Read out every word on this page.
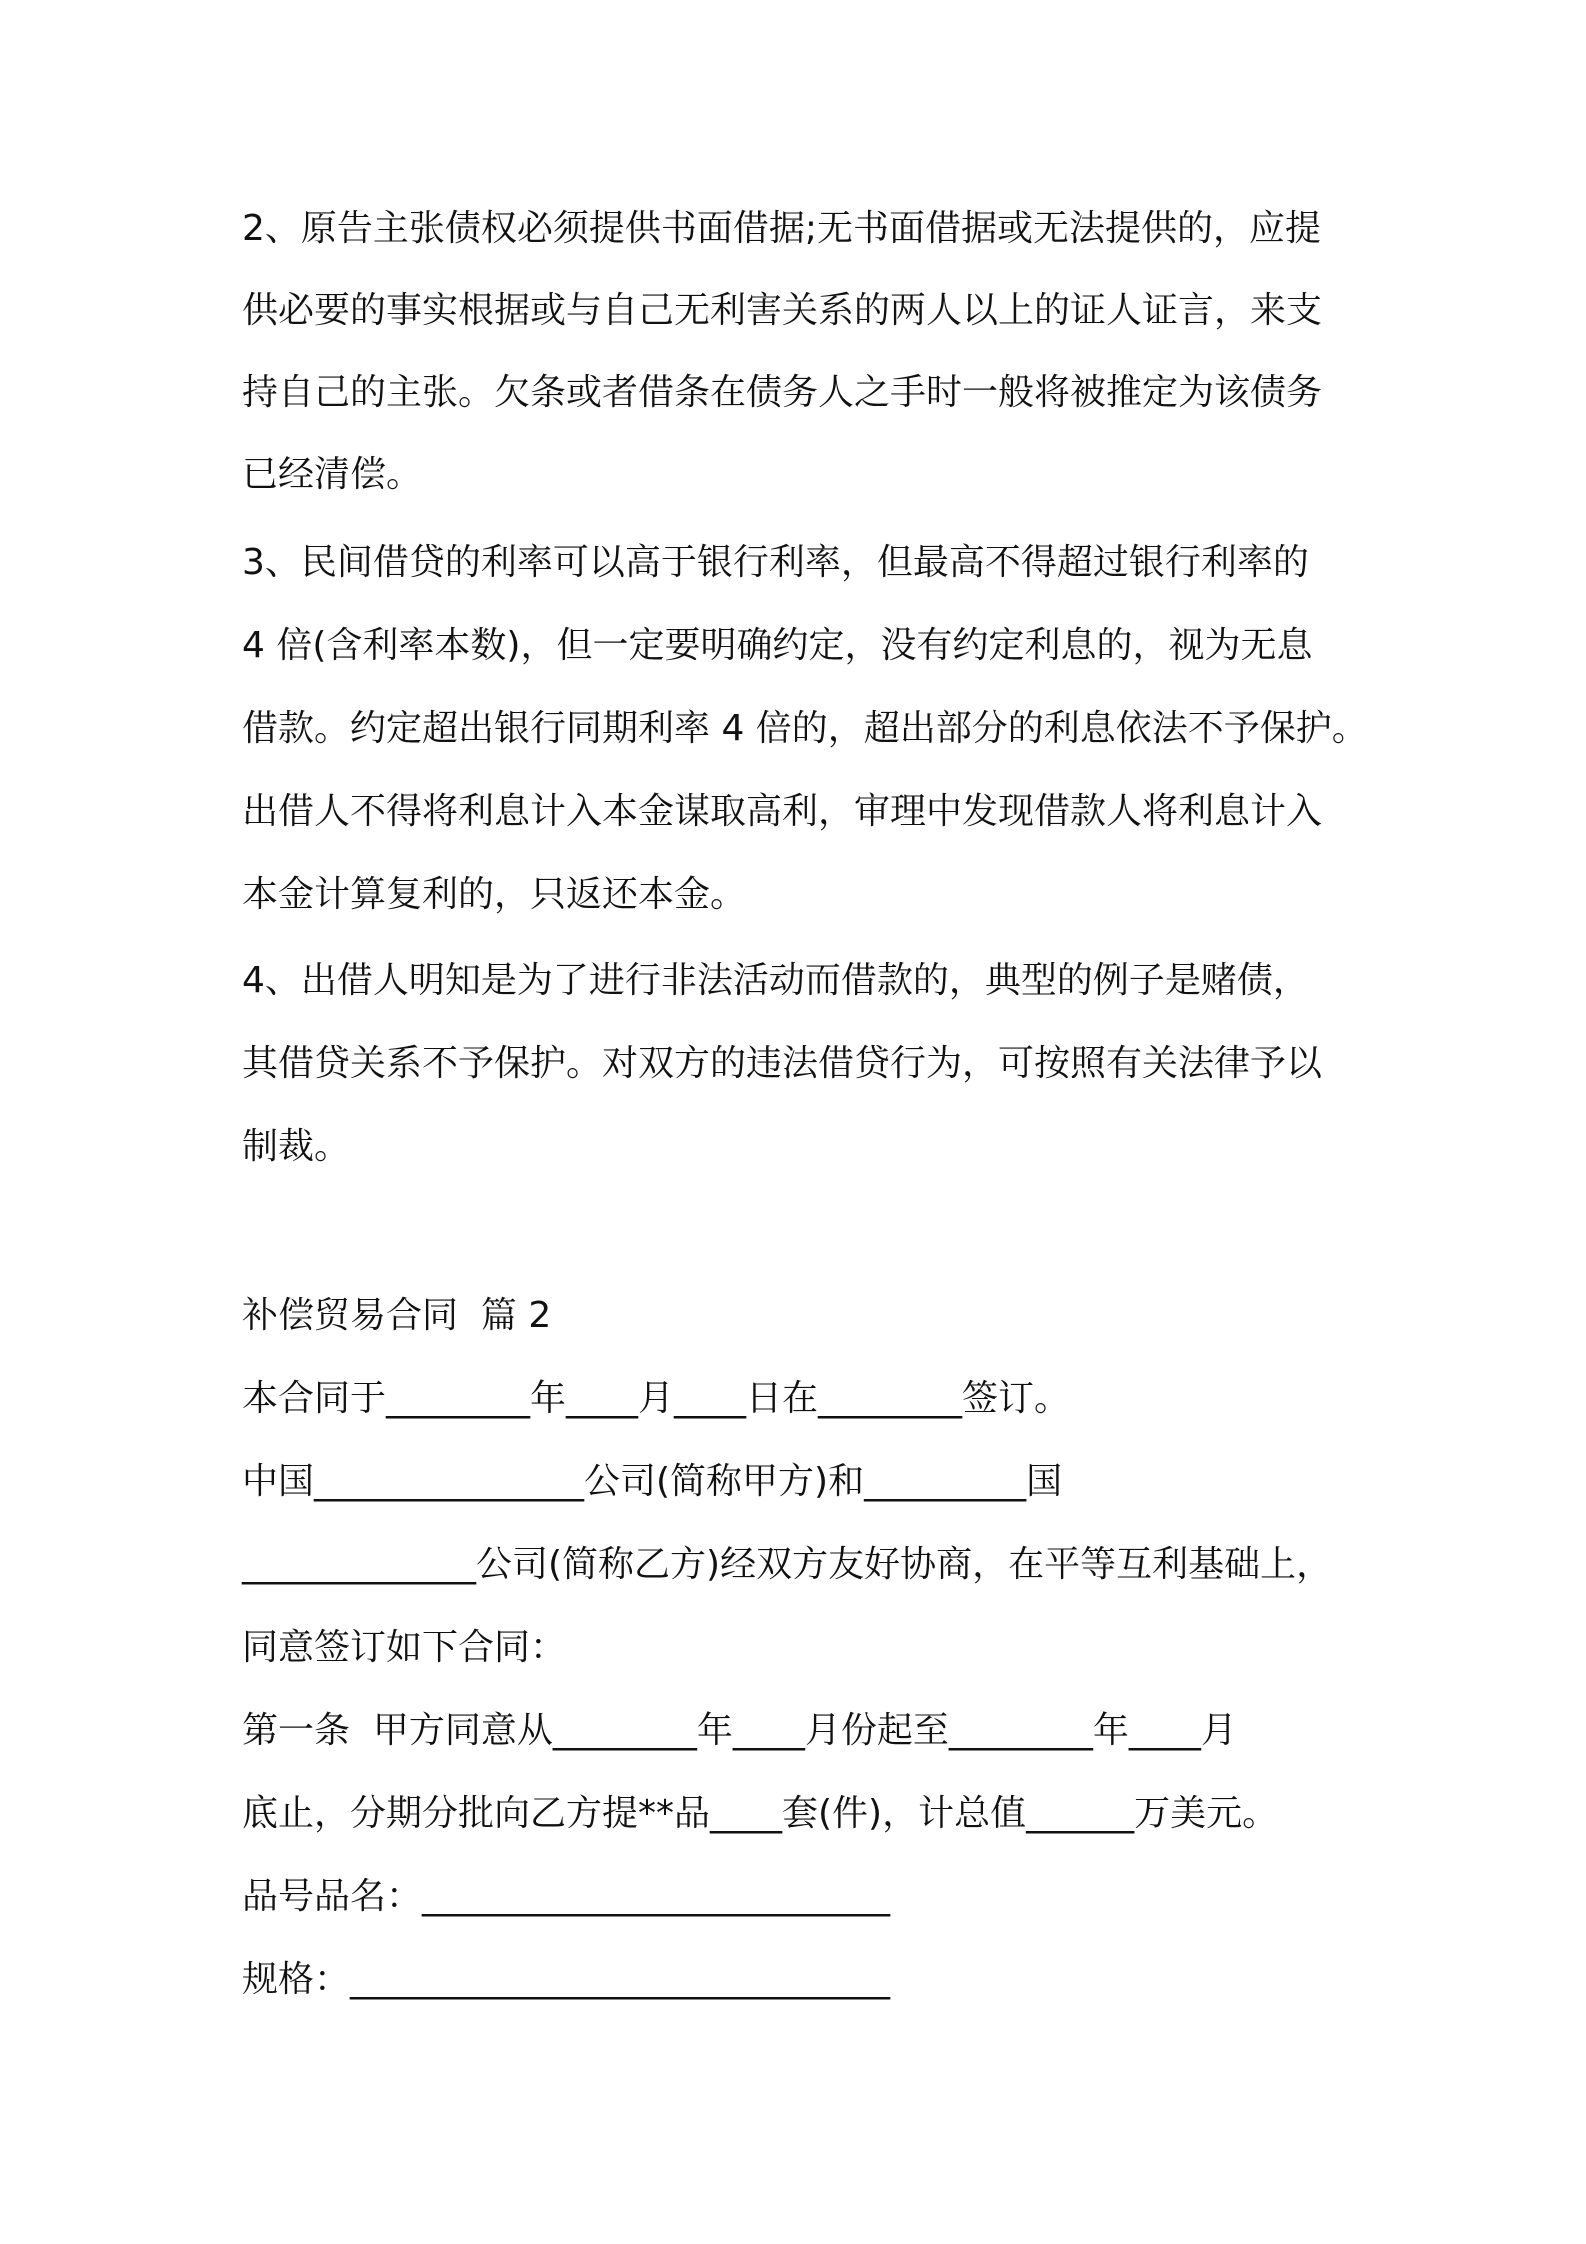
2、原告主张债权必须提供书面借据;无书面借据或无法提供的，应提

供必要的事实根据或与自己无利害关系的两人以上的证人证言，来支

持自己的主张。欠条或者借条在债务人之手时一般将被推定为该债务

已经清偿。

3、民间借贷的利率可以高于银行利率，但最高不得超过银行利率的

4 倍(含利率本数)，但一定要明确约定，没有约定利息的，视为无息

借款。约定超出银行同期利率 4 倍的，超出部分的利息依法不予保护。

出借人不得将利息计入本金谋取高利，审理中发现借款人将利息计入

本金计算复利的，只返还本金。

4、出借人明知是为了进行非法活动而借款的，典型的例子是赌债，

其借贷关系不予保护。对双方的违法借贷行为，可按照有关法律予以

制裁。

补偿贸易合同  篇 2

本合同于________年____月____日在________签订。

中国_______________公司(简称甲方)和_________国

_____________公司(简称乙方)经双方友好协商，在平等互利基础上，

同意签订如下合同：

第一条  甲方同意从________年____月份起至________年____月

底止，分期分批向乙方提**品____套(件)，计总值______万美元。

品号品名：__________________________

规格：______________________________
